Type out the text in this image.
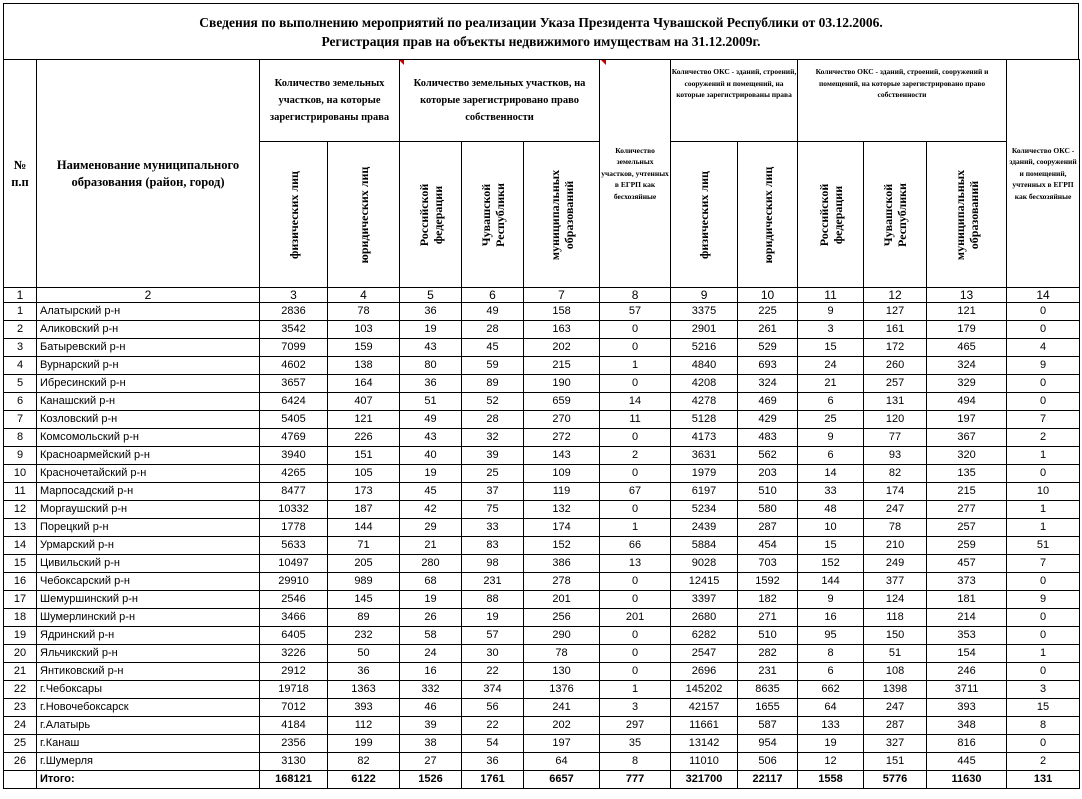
Сведения по выполнению мероприятий по реализации Указа Президента Чувашской Республики от 03.12.2006.
Регистрация прав на объекты недвижимого имуществам на 31.12.2009г.
№ п.п	Наименование муниципального образования (район, город)	Количество земельных участков, на которые зарегистрированы права		Количество земельных участков, на которые зарегистрировано право собственности			Количество земельных участков, учтенных в ЕГРП как бесхозяйные	Количество ОКС - зданий, строений, сооружений и помещений, на которые зарегистрированы права		Количество ОКС - зданий, строений, сооружений и помещений, на которые зарегистрировано право собственности			Количество ОКС - зданий, сооружений и помещений, учтенных в ЕГРП как бесхозяйные

		физических лиц	юридических лиц	Российской федерации	Чувашской Республики	муниципальных образований		физических лиц	юридических лиц	Российской федерации	Чувашской Республики	муниципальных образований	

1	2	3	4	5	6	7	8	9	10	11	12	13	14
1	Алатырский р-н	2836	78	36	49	158	57	3375	225	9	127	121	0
2	Аликовский р-н	3542	103	19	28	163	0	2901	261	3	161	179	0
3	Батыревский р-н	7099	159	43	45	202	0	5216	529	15	172	465	4
4	Вурнарский р-н	4602	138	80	59	215	1	4840	693	24	260	324	9
5	Ибресинский р-н	3657	164	36	89	190	0	4208	324	21	257	329	0
6	Канашский р-н	6424	407	51	52	659	14	4278	469	6	131	494	0
7	Козловский р-н	5405	121	49	28	270	11	5128	429	25	120	197	7
8	Комсомольский р-н	4769	226	43	32	272	0	4173	483	9	77	367	2
9	Красноармейский р-н	3940	151	40	39	143	2	3631	562	6	93	320	1
10	Красночетайский р-н	4265	105	19	25	109	0	1979	203	14	82	135	0
11	Марпосадский р-н	8477	173	45	37	119	67	6197	510	33	174	215	10
12	Моргаушский р-н	10332	187	42	75	132	0	5234	580	48	247	277	1
13	Порецкий р-н	1778	144	29	33	174	1	2439	287	10	78	257	1
14	Урмарский р-н	5633	71	21	83	152	66	5884	454	15	210	259	51
15	Цивильский р-н	10497	205	280	98	386	13	9028	703	152	249	457	7
16	Чебоксарский р-н	29910	989	68	231	278	0	12415	1592	144	377	373	0
17	Шемуршинский р-н	2546	145	19	88	201	0	3397	182	9	124	181	9
18	Шумерлинский р-н	3466	89	26	19	256	201	2680	271	16	118	214	0
19	Ядринский р-н	6405	232	58	57	290	0	6282	510	95	150	353	0
20	Яльчикский р-н	3226	50	24	30	78	0	2547	282	8	51	154	1
21	Янтиковский р-н	2912	36	16	22	130	0	2696	231	6	108	246	0
22	г.Чебоксары	19718	1363	332	374	1376	1	145202	8635	662	1398	3711	3
23	г.Новочебоксарск	7012	393	46	56	241	3	42157	1655	64	247	393	15
24	г.Алатырь	4184	112	39	22	202	297	11661	587	133	287	348	8
25	г.Канаш	2356	199	38	54	197	35	13142	954	19	327	816	0
26	г.Шумерля	3130	82	27	36	64	8	11010	506	12	151	445	2
	Итого:	168121	6122	1526	1761	6657	777	321700	22117	1558	5776	11630	131
